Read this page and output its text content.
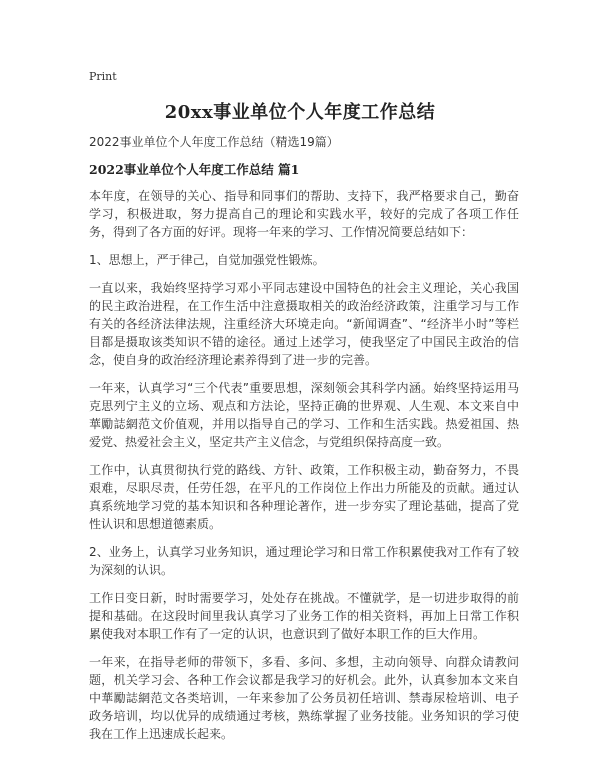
Print
20xx事业单位个人年度工作总结
2022事业单位个人年度工作总结（精选19篇）
2022事业单位个人年度工作总结 篇1

本年度，在领导的关心、指导和同事们的帮助、支持下，我严格要求自己，勤奋学习，积极进取，努力提高自己的理论和实践水平，较好的完成了各项工作任务，得到了各方面的好评。现将一年来的学习、工作情况简要总结如下：

1、思想上，严于律己，自觉加强党性锻炼。

一直以来，我始终坚持学习邓小平同志建设中国特色的社会主义理论，关心我国的民主政治进程，在工作生活中注意摄取相关的政治经济政策，注重学习与工作有关的各经济法律法规，注重经济大环境走向。“新闻调查”、“经济半小时”等栏目都是摄取该类知识不错的途径。通过上述学习，使我坚定了中国民主政治的信念，使自身的政治经济理论素养得到了进一步的完善。

一年来，认真学习“三个代表”重要思想，深刻领会其科学内涵。始终坚持运用马克思列宁主义的立场、观点和方法论，坚持正确的世界观、人生观、本文来自中華勵誌網范文价值观，并用以指导自己的学习、工作和生活实践。热爱祖国、热爱党、热爱社会主义，坚定共产主义信念，与党组织保持高度一致。

工作中，认真贯彻执行党的路线、方针、政策，工作积极主动，勤奋努力，不畏艰难，尽职尽责，任劳任怨，在平凡的工作岗位上作出力所能及的贡献。通过认真系统地学习党的基本知识和各种理论著作，进一步夯实了理论基础，提高了党性认识和思想道德素质。

2、业务上，认真学习业务知识，通过理论学习和日常工作积累使我对工作有了较为深刻的认识。

工作日变日新，时时需要学习，处处存在挑战。不懂就学，是一切进步取得的前提和基础。在这段时间里我认真学习了业务工作的相关资料，再加上日常工作积累使我对本职工作有了一定的认识，也意识到了做好本职工作的巨大作用。

一年来，在指导老师的带领下，多看、多问、多想，主动向领导、向群众请教问题，机关学习会、各种工作会议都是我学习的好机会。此外，认真参加本文来自中華勵誌網范文各类培训，一年来参加了公务员初任培训、禁毒尿检培训、电子政务培训，均以优异的成绩通过考核，熟练掌握了业务技能。业务知识的学习使我在工作上迅速成长起来。
